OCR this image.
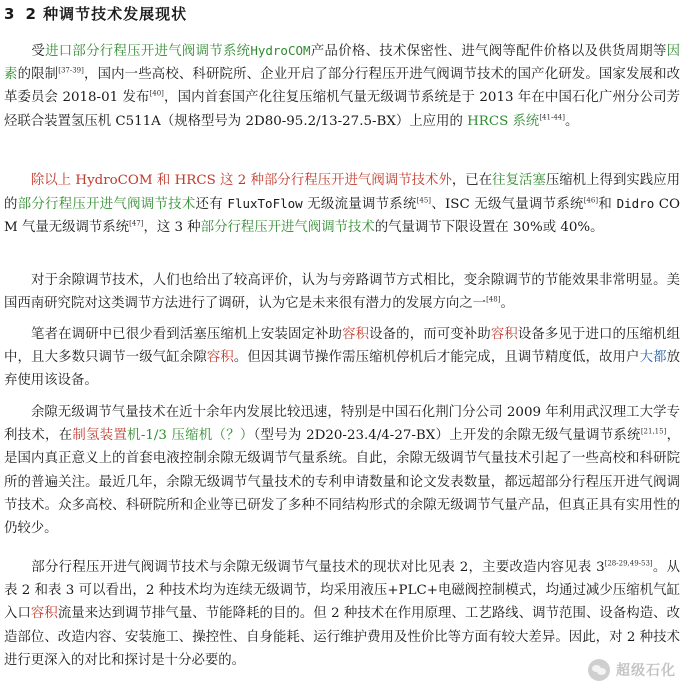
3 2 种调节技术发展现状

　　受进口部分行程压开进气阀调节系统HydroCOM产品价格、技术保密性、进气阀等配件价格以及供货周期等因素的限制[37-39]，国内一些高校、科研院所、企业开启了部分行程压开进气阀调节技术的国产化研发。国家发展和改革委员会 2018-01 发布[40]，国内首套国产化往复压缩机气量无级调节系统是于 2013 年在中国石化广州分公司芳烃联合装置氢压机 C511A（规格型号为 2D80-95.2/13-27.5-BX）上应用的 HRCS 系统[41-44]。

　　除以上 HydroCOM 和 HRCS 这 2 种部分行程压开进气阀调节技术外，已在往复活塞压缩机上得到实践应用的部分行程压开进气阀调节技术还有 FluxToFlow 无级流量调节系统[45]、ISC 无级气量调节系统[46]和 Didro COM 气量无级调节系统[47]，这 3 种部分行程压开进气阀调节技术的气量调节下限设置在 30%或 40%。

　　对于余隙调节技术，人们也给出了较高评价，认为与旁路调节方式相比，变余隙调节的节能效果非常明显。美国西南研究院对这类调节方法进行了调研，认为它是未来很有潜力的发展方向之一[48]。

　　笔者在调研中已很少看到活塞压缩机上安装固定补助容积设备的，而可变补助容积设备多见于进口的压缩机组中，且大多数只调节一级气缸余隙容积。但因其调节操作需压缩机停机后才能完成，且调节精度低，故用户大都放弃使用该设备。

　　余隙无级调节气量技术在近十余年内发展比较迅速，特别是中国石化荆门分公司 2009 年利用武汉理工大学专利技术，在制氢装置机-1/3 压缩机（？）（型号为 2D20-23.4/4-27-BX）上开发的余隙无级气量调节系统[21,15]，是国内真正意义上的首套电液控制余隙无级调节气量系统。自此，余隙无级调节气量技术引起了一些高校和科研院所的普遍关注。最近几年，余隙无级调节气量技术的专利申请数量和论文发表数量，都远超部分行程压开进气阀调节技术。众多高校、科研院所和企业等已研发了多种不同结构形式的余隙无级调节气量产品，但真正具有实用性的仍较少。

　　部分行程压开进气阀调节技术与余隙无级调节气量技术的现状对比见表 2，主要改造内容见表 3[28-29,49-53]。从表 2 和表 3 可以看出，2 种技术均为连续无级调节，均采用液压+PLC+电磁阀控制模式，均通过减少压缩机气缸入口容积流量来达到调节排气量、节能降耗的目的。但 2 种技术在作用原理、工艺路线、调节范围、设备构造、改造部位、改造内容、安装施工、操控性、自身能耗、运行维护费用及性价比等方面有较大差异。因此，对 2 种技术进行更深入的对比和探讨是十分必要的。

超级石化
